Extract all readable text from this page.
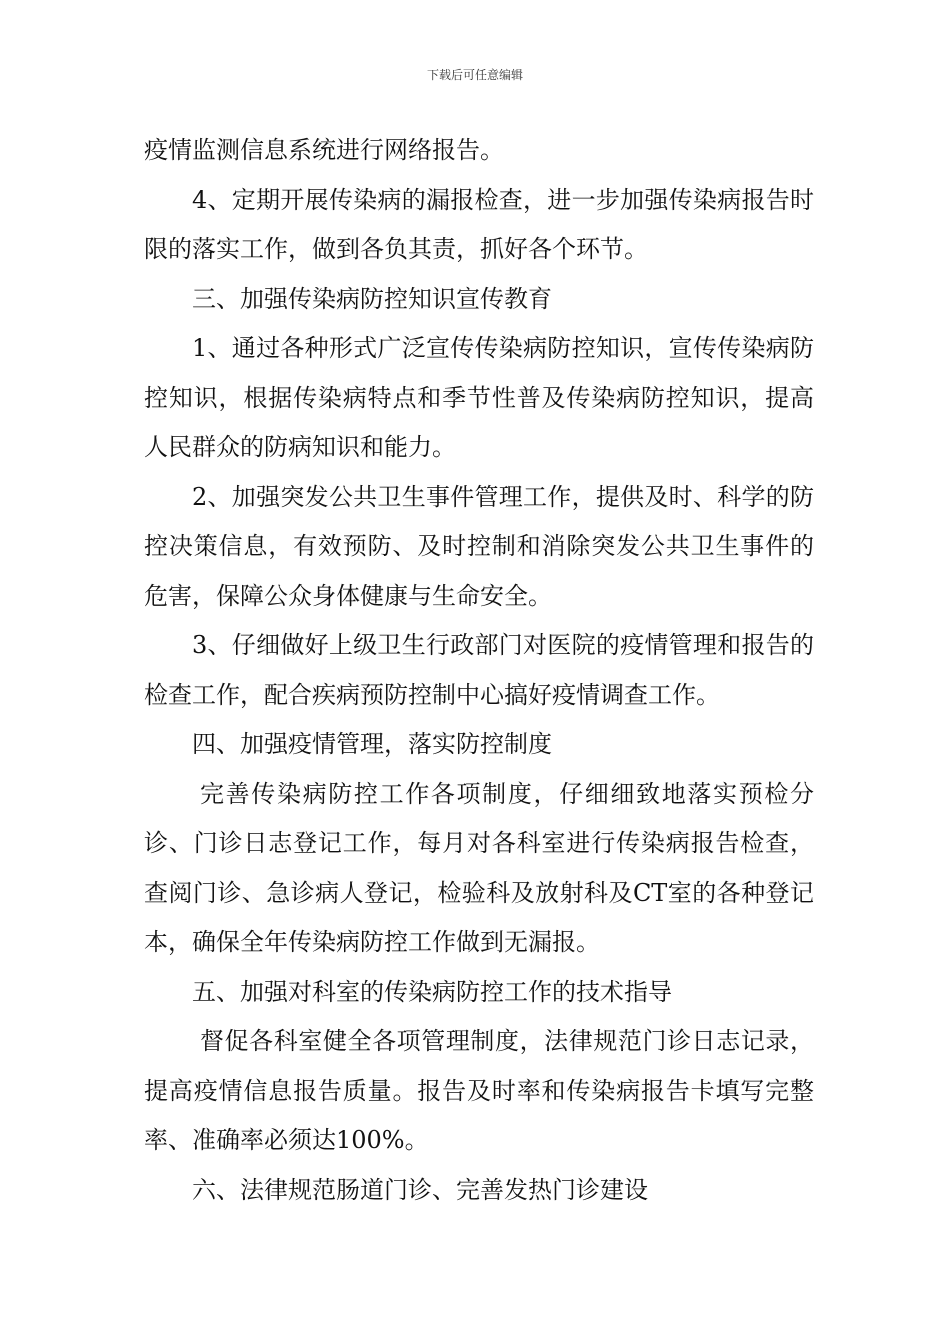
下载后可任意编辑

疫情监测信息系统进行网络报告。

4、定期开展传染病的漏报检查，进一步加强传染病报告时限的落实工作，做到各负其责，抓好各个环节。

三、加强传染病防控知识宣传教育

1、通过各种形式广泛宣传传染病防控知识，宣传传染病防控知识，根据传染病特点和季节性普及传染病防控知识，提高人民群众的防病知识和能力。

2、加强突发公共卫生事件管理工作，提供及时、科学的防控决策信息，有效预防、及时控制和消除突发公共卫生事件的危害，保障公众身体健康与生命安全。

3、仔细做好上级卫生行政部门对医院的疫情管理和报告的检查工作，配合疾病预防控制中心搞好疫情调查工作。

四、加强疫情管理，落实防控制度

完善传染病防控工作各项制度，仔细细致地落实预检分诊、门诊日志登记工作，每月对各科室进行传染病报告检查，查阅门诊、急诊病人登记，检验科及放射科及CT室的各种登记本，确保全年传染病防控工作做到无漏报。

五、加强对科室的传染病防控工作的技术指导

督促各科室健全各项管理制度，法律规范门诊日志记录，提高疫情信息报告质量。报告及时率和传染病报告卡填写完整率、准确率必须达100%。

六、法律规范肠道门诊、完善发热门诊建设
